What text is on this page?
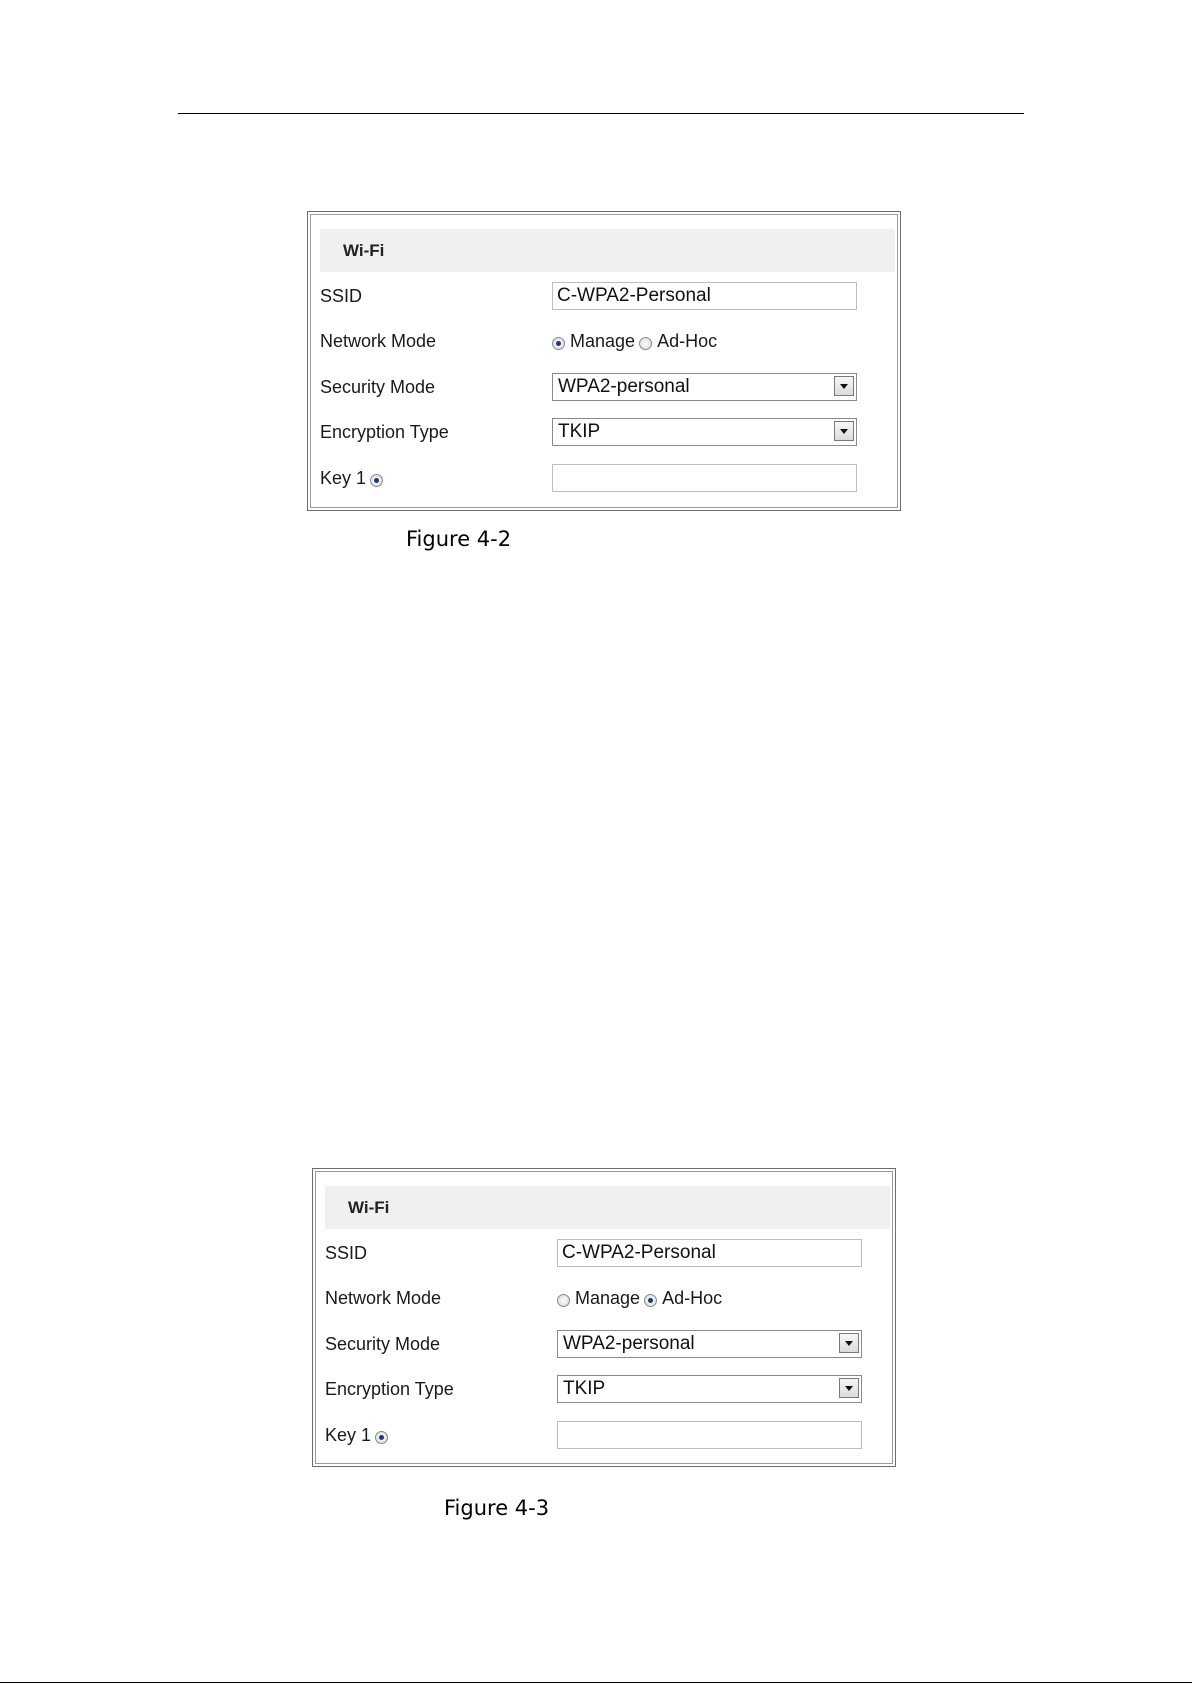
Wi-Fi
SSID	C-WPA2-Personal
Network Mode	Manage Ad-Hoc
Security Mode	WPA2-personal
Encryption Type	TKIP
Key 1
Figure 4-2
Wi-Fi
SSID	C-WPA2-Personal
Network Mode	Manage Ad-Hoc
Security Mode	WPA2-personal
Encryption Type	TKIP
Key 1
Figure 4-3
